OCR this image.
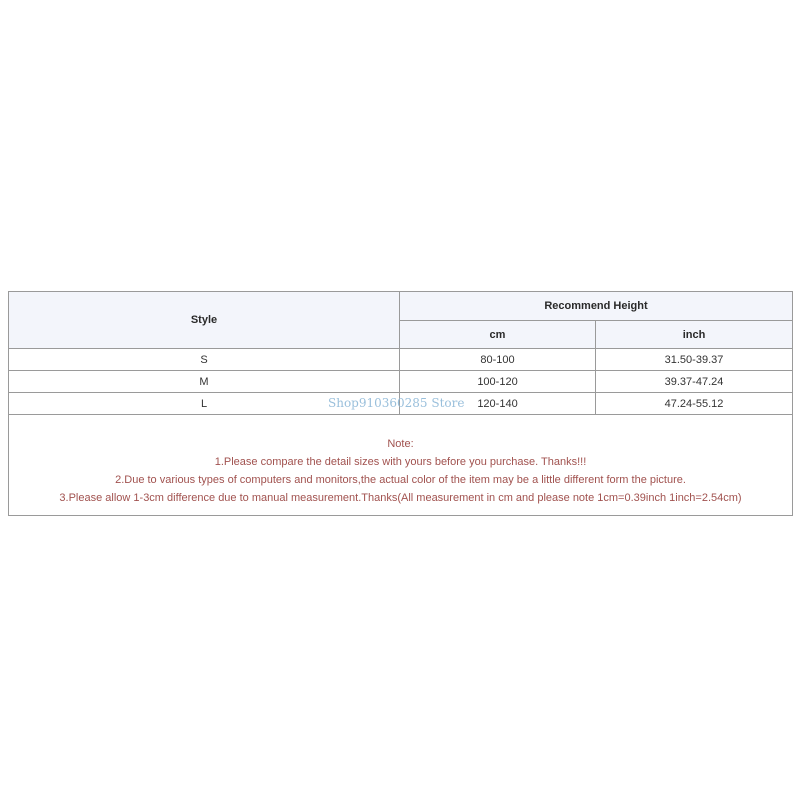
Style	Recommend Height	
	cm	inch
S	80-100	31.50-39.37
M	100-120	39.37-47.24
L	120-140	47.24-55.12

Note:
1.Please compare the detail sizes with yours before you purchase. Thanks!!!
2.Due to various types of computers and monitors,the actual color of the item may be a little different form the picture.
3.Please allow 1-3cm difference due to manual measurement.Thanks(All measurement in cm and please note 1cm=0.39inch 1inch=2.54cm)		
Shop910360285 Store
